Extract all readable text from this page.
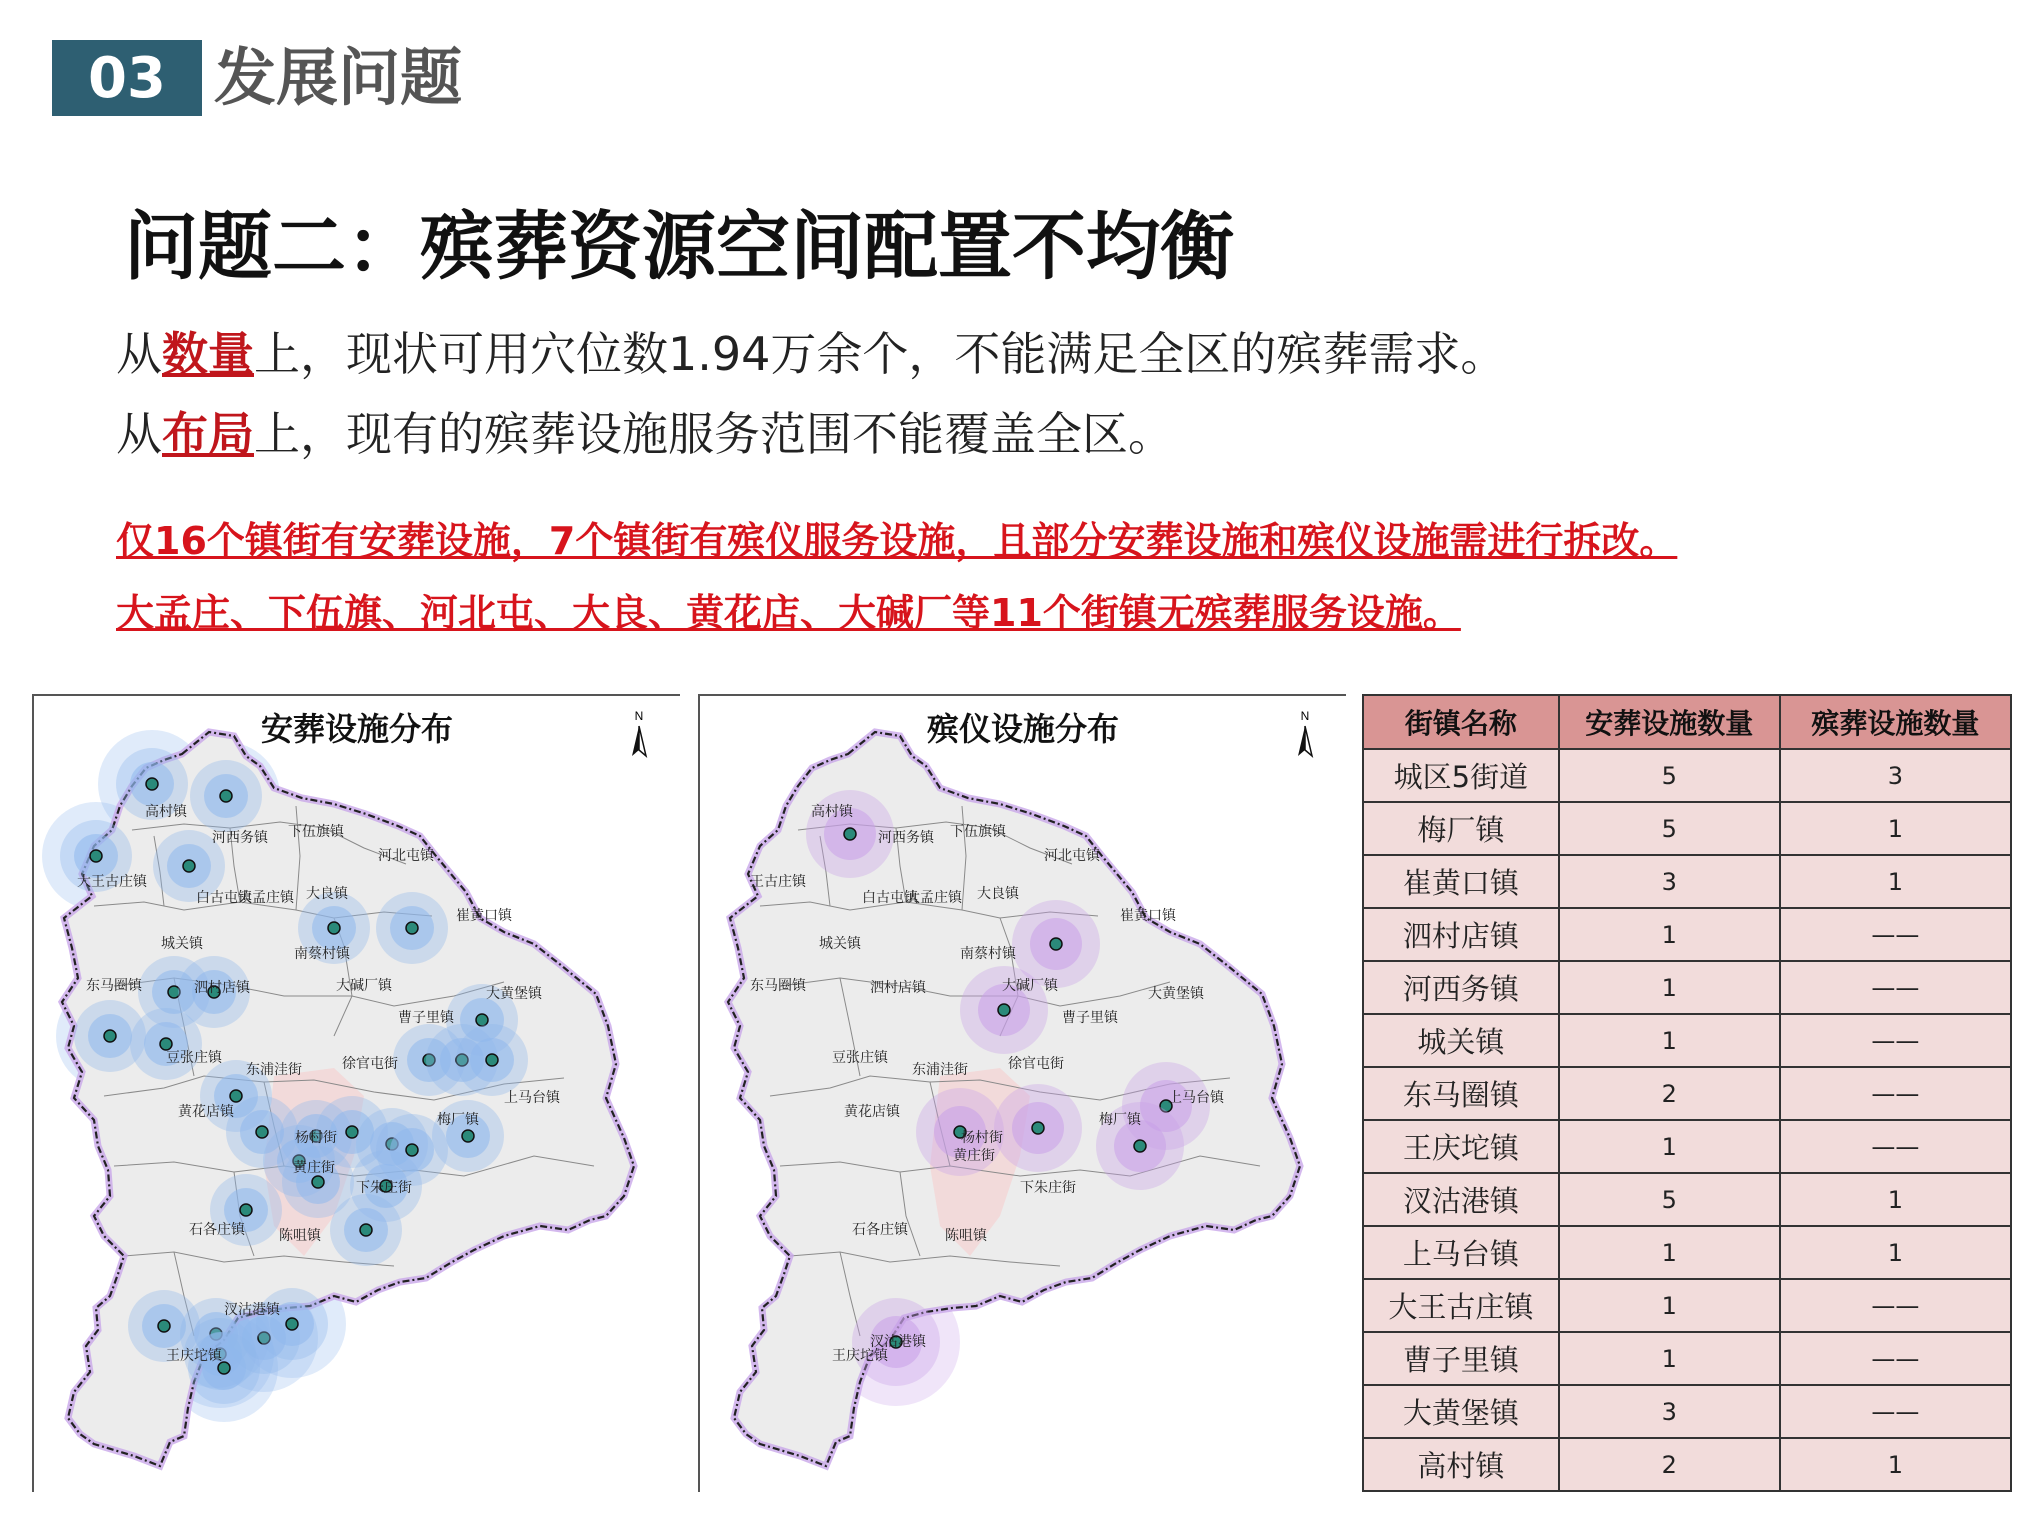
03 发展问题
问题二：殡葬资源空间配置不均衡
从数量上，现状可用穴位数1.94万余个，不能满足全区的殡葬需求。
从布局上，现有的殡葬设施服务范围不能覆盖全区。
仅16个镇街有安葬设施，7个镇街有殡仪服务设施，且部分安葬设施和殡仪设施需进行拆改。
大孟庄、下伍旗、河北屯、大良、黄花店、大碱厂等11个街镇无殡葬服务设施。
高村镇
河西务镇 下伍旗镇
河北屯镇
大王古庄镇
白古屯镇
大孟庄镇 大良镇
崔黄口镇
城关镇
南蔡村镇
东马圈镇	泗村店镇	大碱厂镇	大黄堡镇
曹子里镇
豆张庄镇
东浦洼街	徐官屯街
上马台镇
黄花店镇
杨村街
梅厂镇
黄庄街
下朱庄街
石各庄镇 陈咀镇
汊沽港镇
王庆坨镇
N
安葬设施分布
高村镇
河西务镇 下伍旗镇
河北屯镇
王古庄镇
白古屯镇
大孟庄镇 大良镇
崔黄口镇
城关镇
南蔡村镇
大碱厂镇
东马圈镇	泗村店镇	大黄堡镇
曹子里镇
豆张庄镇
东浦洼街	徐官屯街
上马台镇
黄花店镇
杨村街
梅厂镇
黄庄街
下朱庄街
石各庄镇	陈咀镇
汊沽港镇
王庆坨镇
N
殡仪设施分布	街镇名称	安葬设施数量	殡葬设施数量
城区5街道	5	3
梅厂镇	5	1
崔黄口镇	3	1
泗村店镇	1	——
河西务镇	1	——
城关镇	1	——
东马圈镇	2	——
王庆坨镇	1	——
汊沽港镇	5	1
上马台镇	1	1
大王古庄镇	1	——
曹子里镇	1	——
大黄堡镇	3	——
高村镇	2	1
